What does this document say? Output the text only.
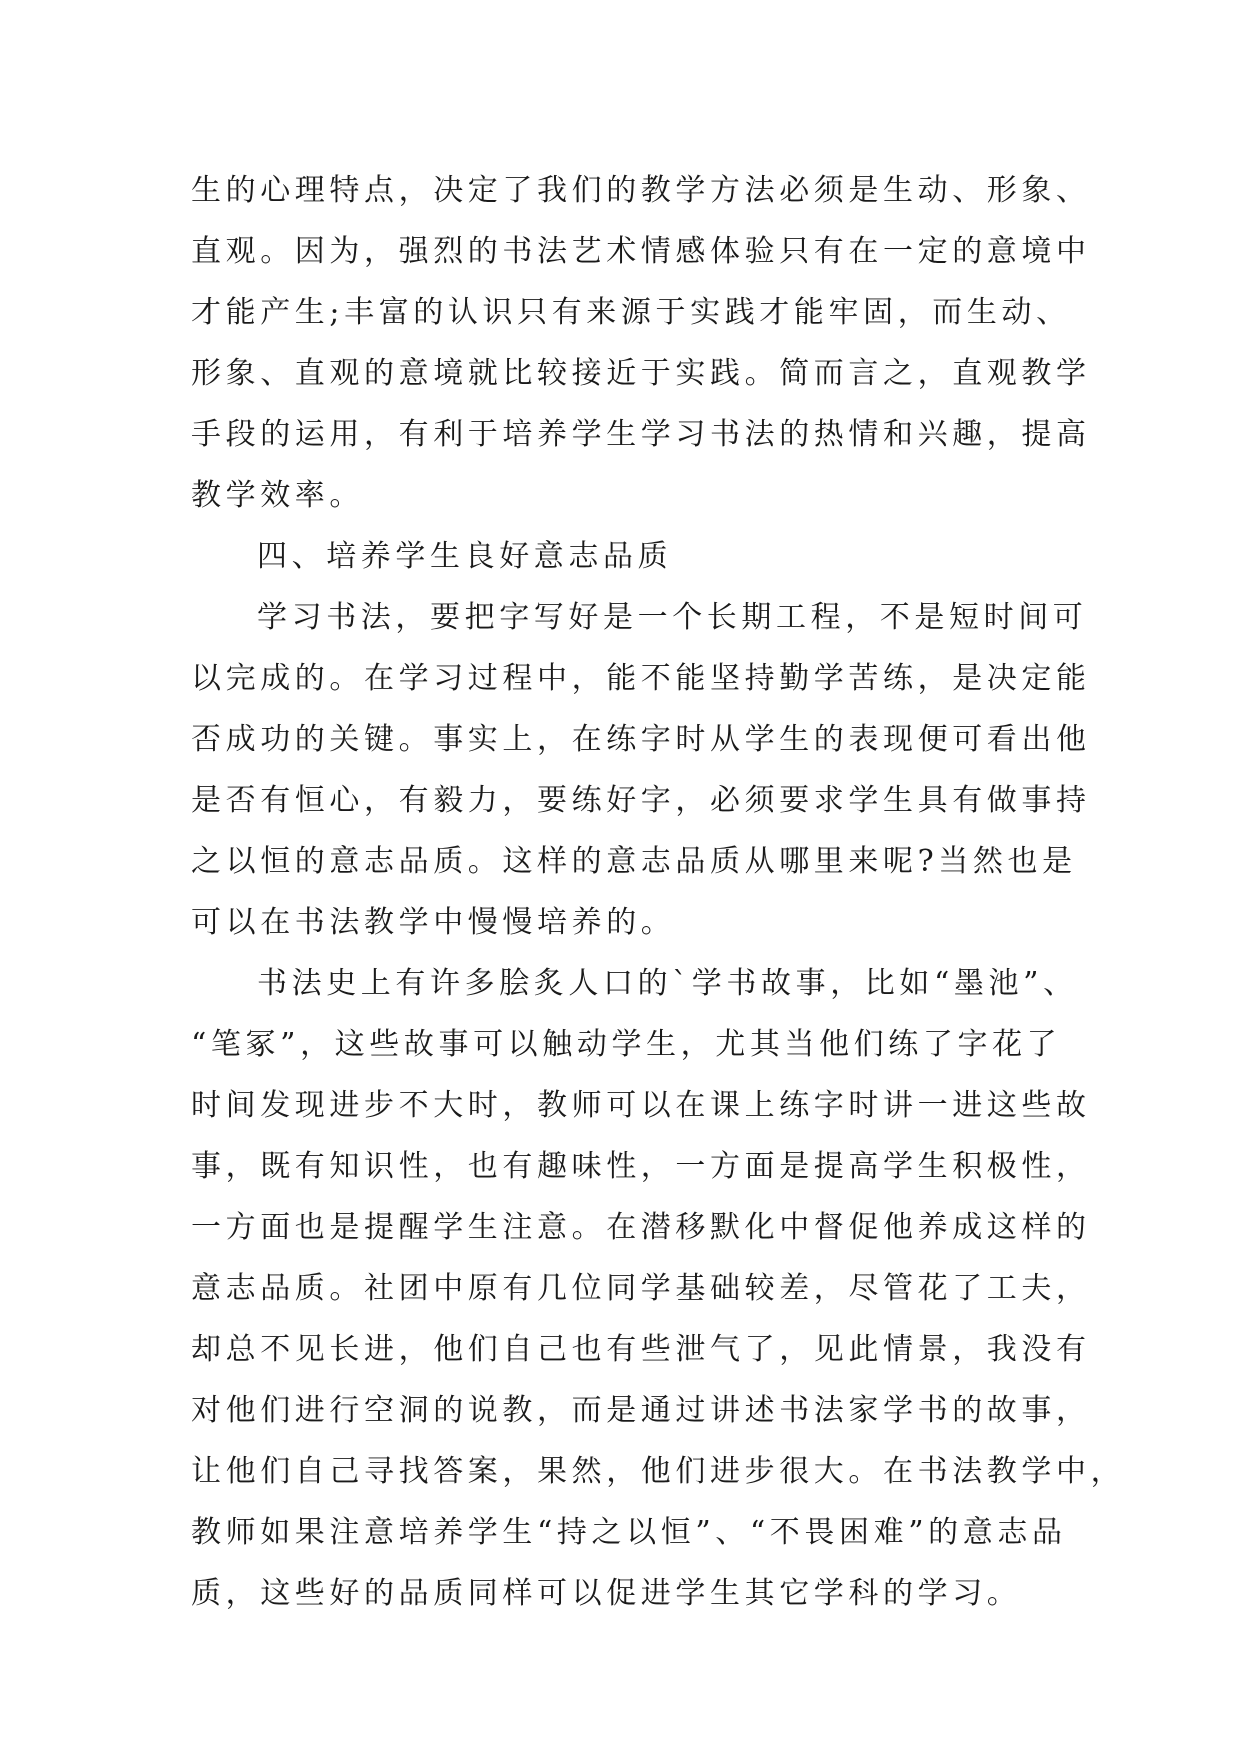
生的心理特点，决定了我们的教学方法必须是生动、形象、
直观。因为，强烈的书法艺术情感体验只有在一定的意境中
才能产生;丰富的认识只有来源于实践才能牢固，而生动、
形象、直观的意境就比较接近于实践。简而言之，直观教学
手段的运用，有利于培养学生学习书法的热情和兴趣，提高
教学效率。
四、培养学生良好意志品质
学习书法，要把字写好是一个长期工程，不是短时间可
以完成的。在学习过程中，能不能坚持勤学苦练，是决定能
否成功的关键。事实上，在练字时从学生的表现便可看出他
是否有恒心，有毅力，要练好字，必须要求学生具有做事持
之以恒的意志品质。这样的意志品质从哪里来呢?当然也是
可以在书法教学中慢慢培养的。
书法史上有许多脍炙人口的`学书故事，比如“墨池”、
“笔冢”，这些故事可以触动学生，尤其当他们练了字花了
时间发现进步不大时，教师可以在课上练字时讲一进这些故
事，既有知识性，也有趣味性，一方面是提高学生积极性，
一方面也是提醒学生注意。在潜移默化中督促他养成这样的
意志品质。社团中原有几位同学基础较差，尽管花了工夫，
却总不见长进，他们自己也有些泄气了，见此情景，我没有
对他们进行空洞的说教，而是通过讲述书法家学书的故事，
让他们自己寻找答案，果然，他们进步很大。在书法教学中，
教师如果注意培养学生“持之以恒”、“不畏困难”的意志品
质，这些好的品质同样可以促进学生其它学科的学习。
